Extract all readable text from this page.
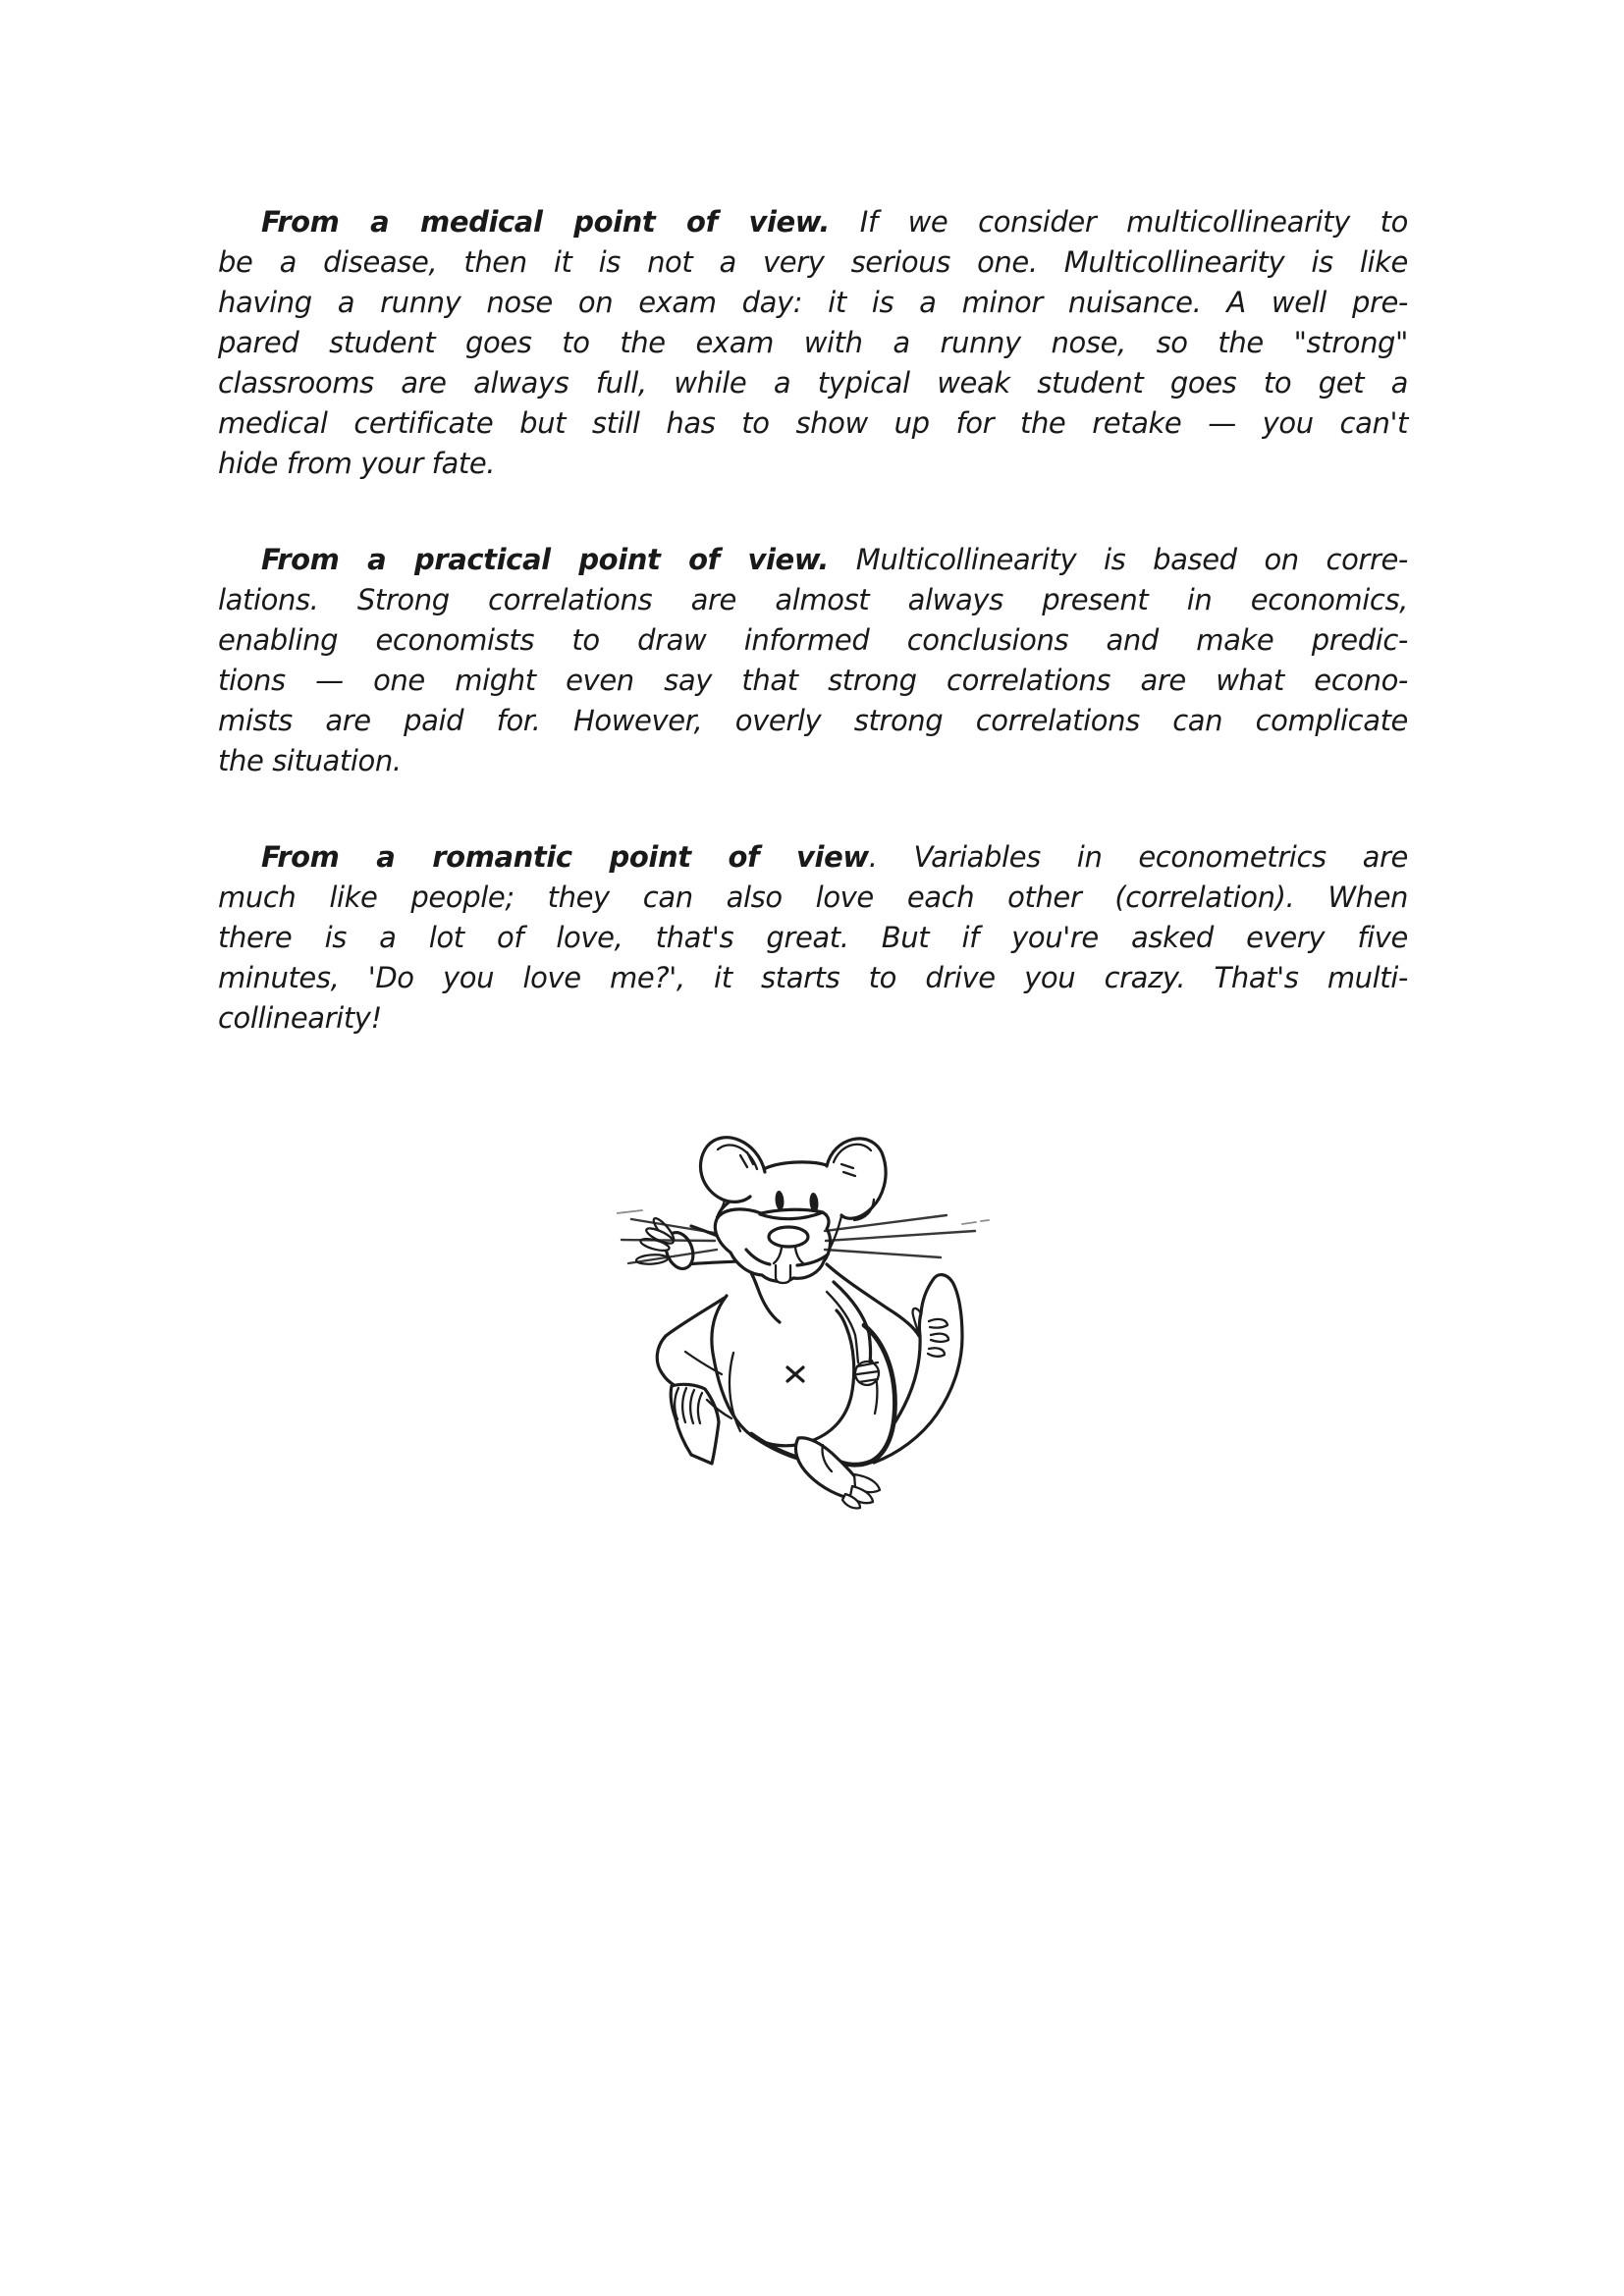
From a medical point of view. If we consider multicollinearity to
be a disease, then it is not a very serious one. Multicollinearity is like
having a runny nose on exam day: it is a minor nuisance. A well pre-
pared student goes to the exam with a runny nose, so the "strong"
classrooms are always full, while a typical weak student goes to get a
medical certificate but still has to show up for the retake — you can't
hide from your fate.
From a practical point of view. Multicollinearity is based on corre-
lations. Strong correlations are almost always present in economics,
enabling economists to draw informed conclusions and make predic-
tions — one might even say that strong correlations are what econo-
mists are paid for. However, overly strong correlations can complicate
the situation.
From a romantic point of view. Variables in econometrics are
much like people; they can also love each other (correlation). When
there is a lot of love, that's great. But if you're asked every five
minutes, 'Do you love me?', it starts to drive you crazy. That's multi-
collinearity!
